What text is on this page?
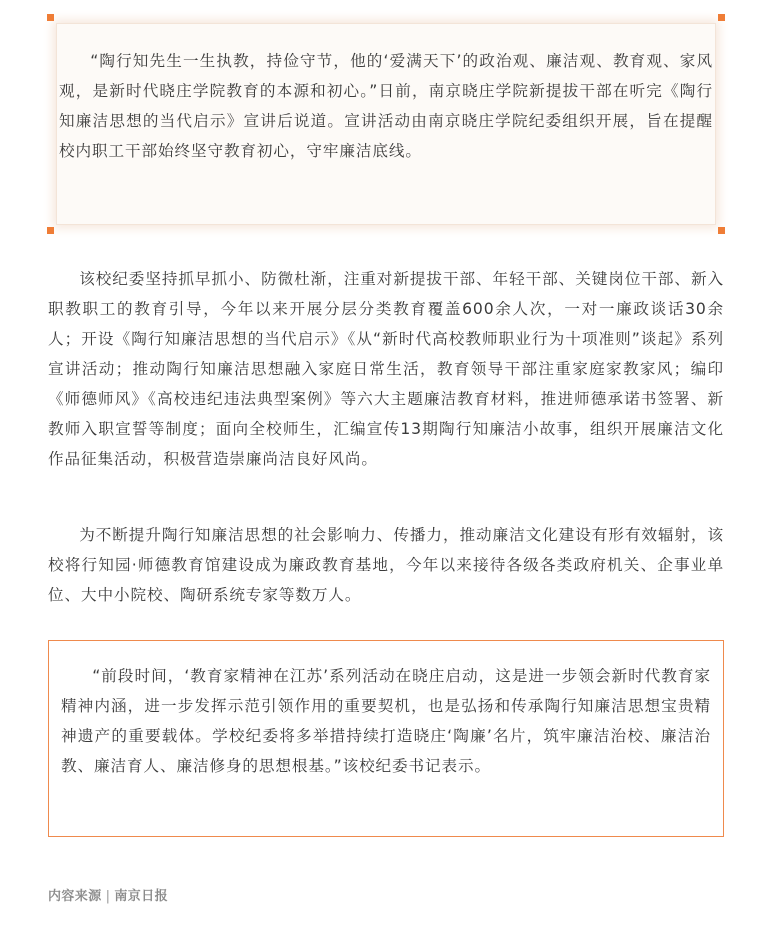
“陶行知先生一生执教，持俭守节，他的‘爱满天下’的政治观、廉洁观、教育观、家风观，是新时代晓庄学院教育的本源和初心。”日前，南京晓庄学院新提拔干部在听完《陶行知廉洁思想的当代启示》宣讲后说道。宣讲活动由南京晓庄学院纪委组织开展，旨在提醒校内职工干部始终坚守教育初心，守牢廉洁底线。
该校纪委坚持抓早抓小、防微杜渐，注重对新提拔干部、年轻干部、关键岗位干部、新入职教职工的教育引导，今年以来开展分层分类教育覆盖600余人次，一对一廉政谈话30余人；开设《陶行知廉洁思想的当代启示》《从“新时代高校教师职业行为十项准则”谈起》系列宣讲活动；推动陶行知廉洁思想融入家庭日常生活，教育领导干部注重家庭家教家风；编印《师德师风》《高校违纪违法典型案例》等六大主题廉洁教育材料，推进师德承诺书签署、新教师入职宣誓等制度；面向全校师生，汇编宣传13期陶行知廉洁小故事，组织开展廉洁文化作品征集活动，积极营造崇廉尚洁良好风尚。
为不断提升陶行知廉洁思想的社会影响力、传播力，推动廉洁文化建设有形有效辐射，该校将行知园·师德教育馆建设成为廉政教育基地，今年以来接待各级各类政府机关、企事业单位、大中小院校、陶研系统专家等数万人。
“前段时间，‘教育家精神在江苏’系列活动在晓庄启动，这是进一步领会新时代教育家精神内涵，进一步发挥示范引领作用的重要契机，也是弘扬和传承陶行知廉洁思想宝贵精神遗产的重要载体。学校纪委将多举措持续打造晓庄‘陶廉’名片，筑牢廉洁治校、廉洁治教、廉洁育人、廉洁修身的思想根基。”该校纪委书记表示。
内容来源 | 南京日报
